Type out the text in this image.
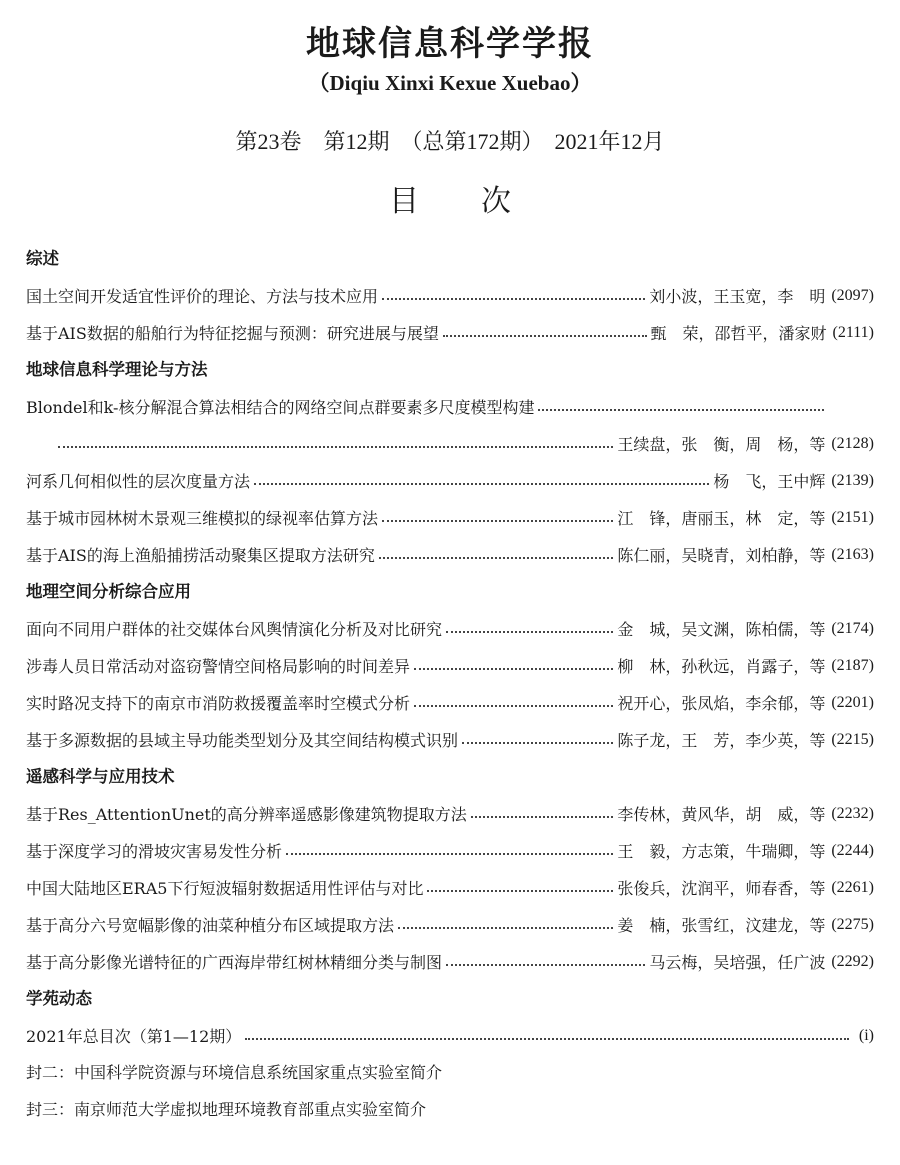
地球信息科学学报
（Diqiu Xinxi Kexue Xuebao）
第23卷　第12期　（总第172期）　2021年12月
目次
综述
国土空间开发适宜性评价的理论、方法与技术应用	刘小波，王玉宽，李　明 (2097)
基于AIS数据的船舶行为特征挖掘与预测：研究进展与展望	甄　荣，邵哲平，潘家财 (2111)
地球信息科学理论与方法
Blondel和k-核分解混合算法相结合的网络空间点群要素多尺度模型构建
王续盘，张　衡，周　杨，等 (2128)
河系几何相似性的层次度量方法	杨　飞，王中辉 (2139)
基于城市园林树木景观三维模拟的绿视率估算方法	江　锋，唐丽玉，林　定，等 (2151)
基于AIS的海上渔船捕捞活动聚集区提取方法研究	陈仁丽，吴晓青，刘柏静，等 (2163)
地理空间分析综合应用
面向不同用户群体的社交媒体台风舆情演化分析及对比研究	金　城，吴文渊，陈柏儒，等 (2174)
涉毒人员日常活动对盗窃警情空间格局影响的时间差异	柳　林，孙秋远，肖露子，等 (2187)
实时路况支持下的南京市消防救援覆盖率时空模式分析	祝开心，张凤焰，李余郁，等 (2201)
基于多源数据的县域主导功能类型划分及其空间结构模式识别	陈子龙，王　芳，李少英，等 (2215)
遥感科学与应用技术
基于Res_AttentionUnet的高分辨率遥感影像建筑物提取方法	李传林，黄风华，胡　威，等 (2232)
基于深度学习的滑坡灾害易发性分析	王　毅，方志策，牛瑞卿，等 (2244)
中国大陆地区ERA5下行短波辐射数据适用性评估与对比	张俊兵，沈润平，师春香，等 (2261)
基于高分六号宽幅影像的油菜种植分布区域提取方法	姜　楠，张雪红，汶建龙，等 (2275)
基于高分影像光谱特征的广西海岸带红树林精细分类与制图	马云梅，吴培强，任广波 (2292)
学苑动态
2021年总目次（第1—12期）	(i)
封二：中国科学院资源与环境信息系统国家重点实验室简介
封三：南京师范大学虚拟地理环境教育部重点实验室简介
